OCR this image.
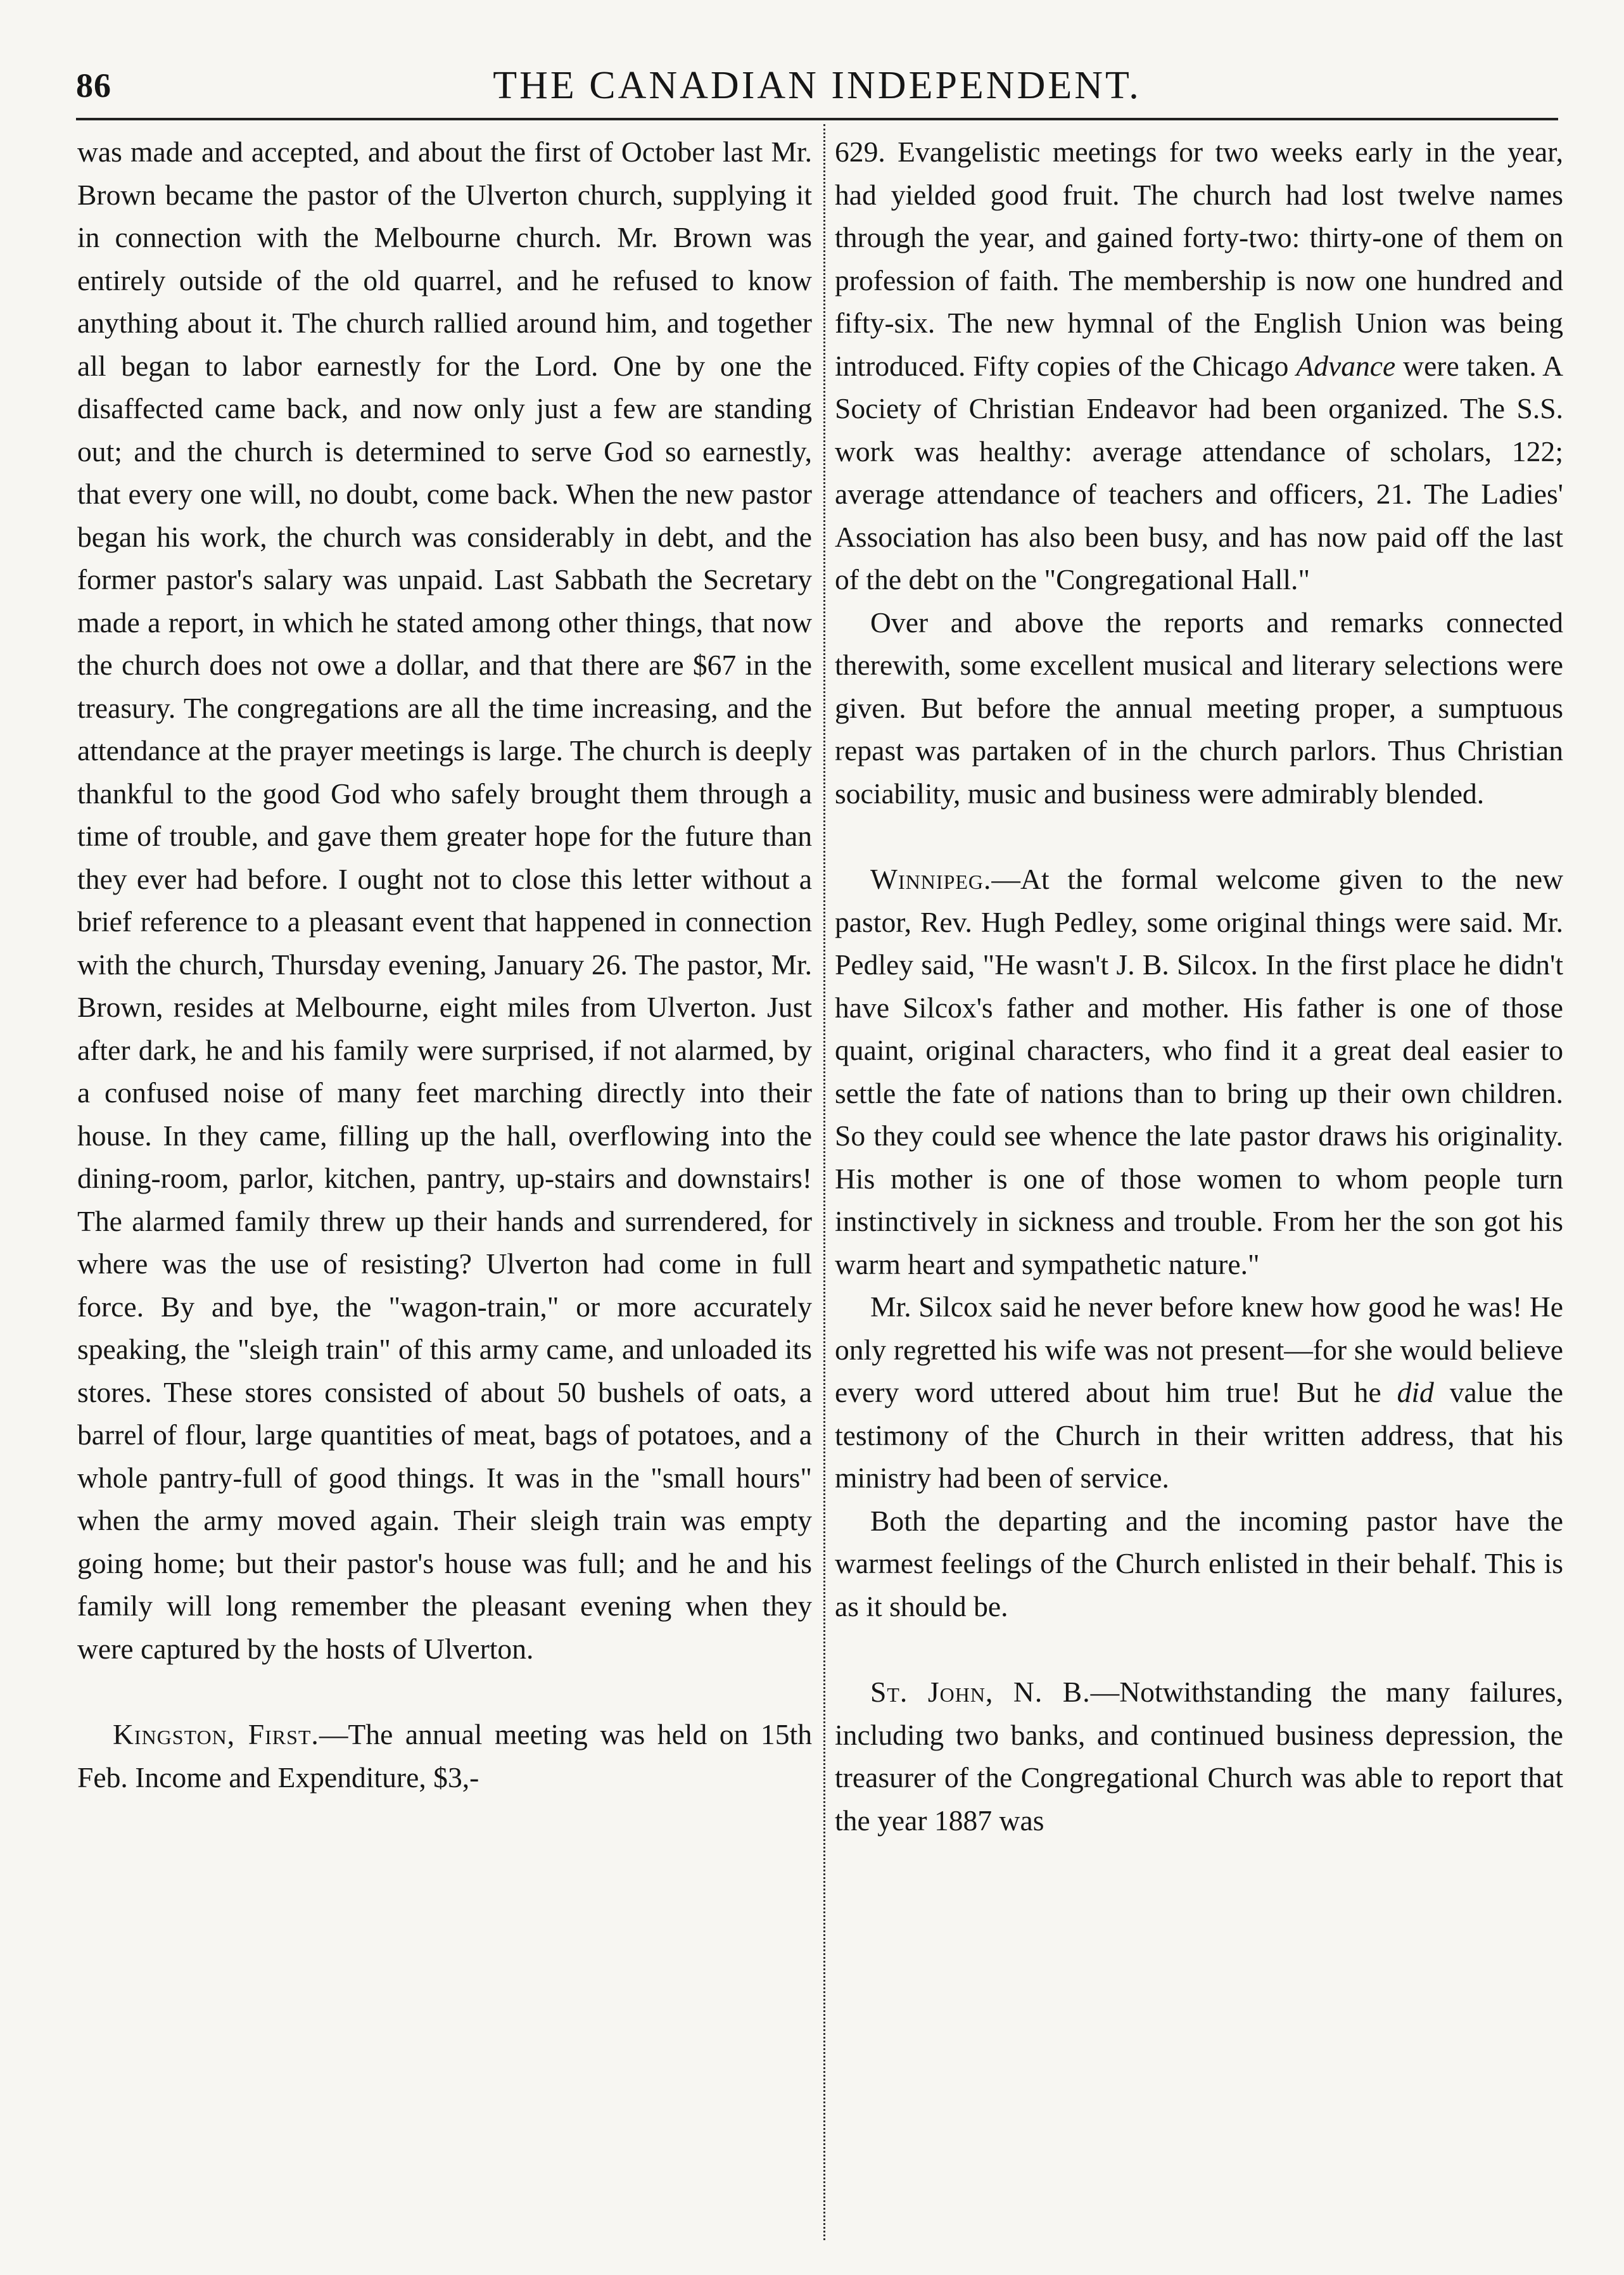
86	THE CANADIAN INDEPENDENT.

was made and accepted, and about the first of October last Mr. Brown became the pastor of the Ulverton church, supplying it in connection with the Melbourne church. Mr. Brown was entirely outside of the old quarrel, and he refused to know anything about it. The church rallied around him, and together all began to labor earnestly for the Lord. One by one the disaffected came back, and now only just a few are standing out; and the church is determined to serve God so earnestly, that every one will, no doubt, come back. When the new pastor began his work, the church was considerably in debt, and the former pastor's salary was unpaid. Last Sabbath the Secretary made a report, in which he stated among other things, that now the church does not owe a dollar, and that there are $67 in the treasury. The congregations are all the time increasing, and the attendance at the prayer meetings is large. The church is deeply thankful to the good God who safely brought them through a time of trouble, and gave them greater hope for the future than they ever had before. I ought not to close this letter without a brief reference to a pleasant event that happened in connection with the church, Thursday evening, January 26. The pastor, Mr. Brown, resides at Melbourne, eight miles from Ulverton. Just after dark, he and his family were surprised, if not alarmed, by a confused noise of many feet marching directly into their house. In they came, filling up the hall, overflowing into the dining-room, parlor, kitchen, pantry, up-stairs and downstairs! The alarmed family threw up their hands and surrendered, for where was the use of resisting? Ulverton had come in full force. By and bye, the "wagon-train," or more accurately speaking, the "sleigh train" of this army came, and unloaded its stores. These stores consisted of about 50 bushels of oats, a barrel of flour, large quantities of meat, bags of potatoes, and a whole pantry-full of good things. It was in the "small hours" when the army moved again. Their sleigh train was empty going home; but their pastor's house was full; and he and his family will long remember the pleasant evening when they were captured by the hosts of Ulverton.

Kingston, First.—The annual meeting was held on 15th Feb. Income and Expenditure, $3,-

629. Evangelistic meetings for two weeks early in the year, had yielded good fruit. The church had lost twelve names through the year, and gained forty-two: thirty-one of them on profession of faith. The membership is now one hundred and fifty-six. The new hymnal of the English Union was being introduced. Fifty copies of the Chicago Advance were taken. A Society of Christian Endeavor had been organized. The S.S. work was healthy: average attendance of scholars, 122; average attendance of teachers and officers, 21. The Ladies' Association has also been busy, and has now paid off the last of the debt on the "Congregational Hall."

Over and above the reports and remarks connected therewith, some excellent musical and literary selections were given. But before the annual meeting proper, a sumptuous repast was partaken of in the church parlors. Thus Christian sociability, music and business were admirably blended.

Winnipeg.—At the formal welcome given to the new pastor, Rev. Hugh Pedley, some original things were said. Mr. Pedley said, "He wasn't J. B. Silcox. In the first place he didn't have Silcox's father and mother. His father is one of those quaint, original characters, who find it a great deal easier to settle the fate of nations than to bring up their own children. So they could see whence the late pastor draws his originality. His mother is one of those women to whom people turn instinctively in sickness and trouble. From her the son got his warm heart and sympathetic nature."

Mr. Silcox said he never before knew how good he was! He only regretted his wife was not present—for she would believe every word uttered about him true! But he did value the testimony of the Church in their written address, that his ministry had been of service.

Both the departing and the incoming pastor have the warmest feelings of the Church enlisted in their behalf. This is as it should be.

St. John, N. B.—Notwithstanding the many failures, including two banks, and continued business depression, the treasurer of the Congregational Church was able to report that the year 1887 was
